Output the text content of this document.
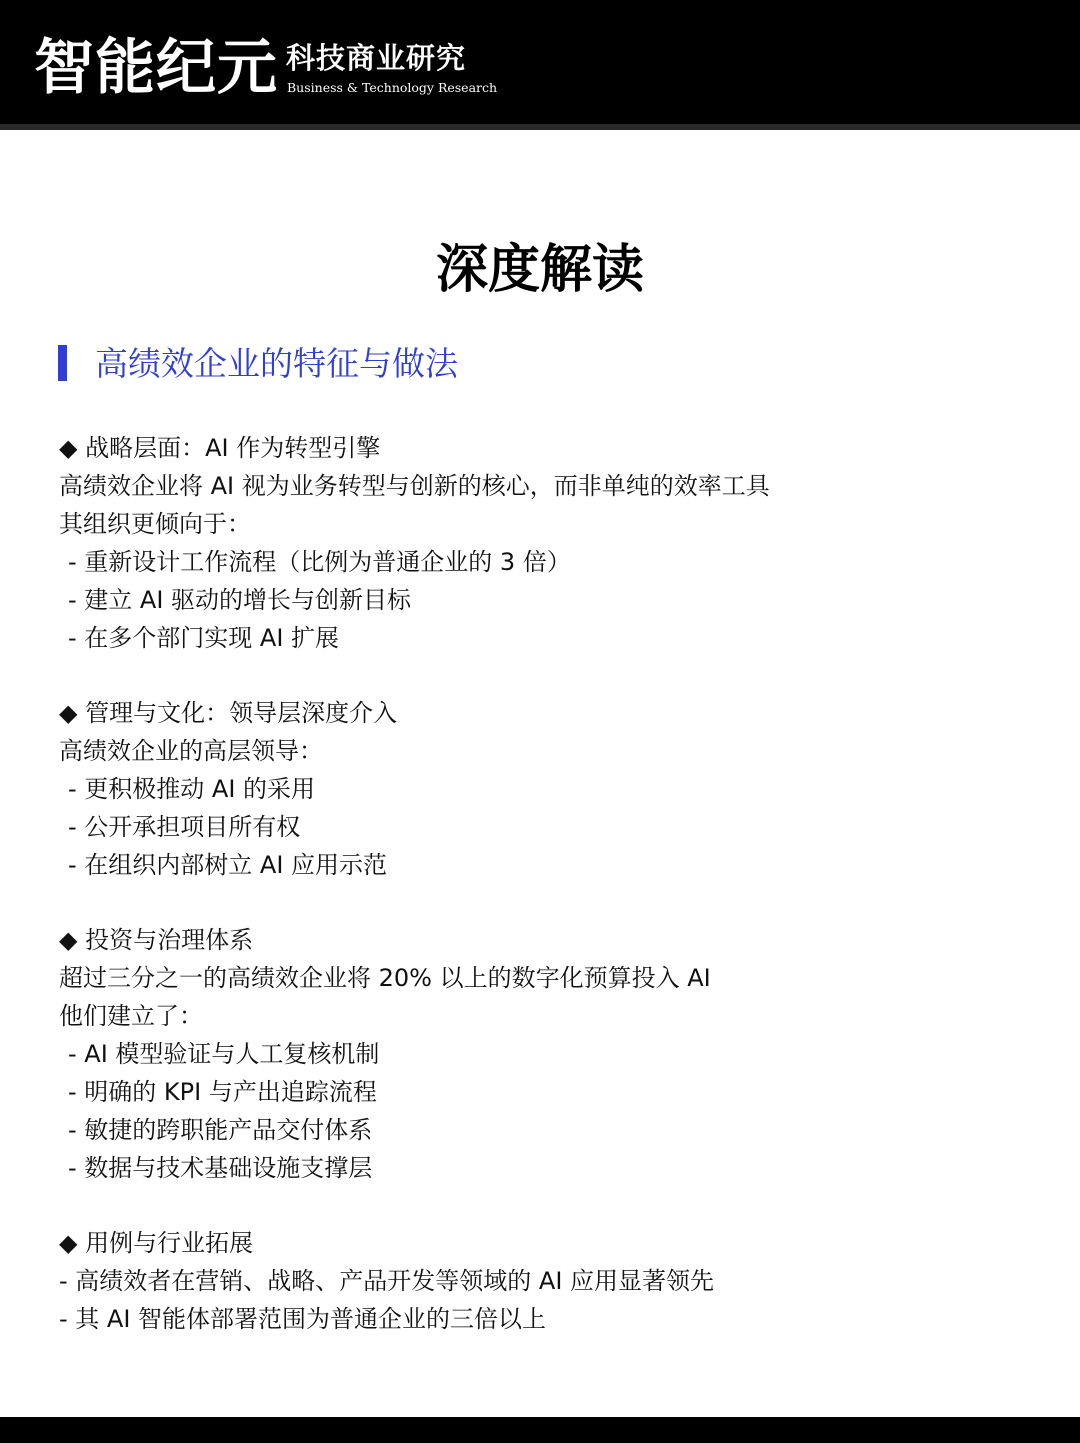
智能纪元 科技商业研究
Business & Technology Research
深度解读
高绩效企业的特征与做法
◆ 战略层面：AI 作为转型引擎
高绩效企业将 AI 视为业务转型与创新的核心，而非单纯的效率工具
其组织更倾向于：
- 重新设计工作流程（比例为普通企业的 3 倍）
- 建立 AI 驱动的增长与创新目标
- 在多个部门实现 AI 扩展
◆ 管理与文化：领导层深度介入
高绩效企业的高层领导：
- 更积极推动 AI 的采用
- 公开承担项目所有权
- 在组织内部树立 AI 应用示范
◆ 投资与治理体系
超过三分之一的高绩效企业将 20% 以上的数字化预算投入 AI
他们建立了：
- AI 模型验证与人工复核机制
- 明确的 KPI 与产出追踪流程
- 敏捷的跨职能产品交付体系
- 数据与技术基础设施支撑层
◆ 用例与行业拓展
- 高绩效者在营销、战略、产品开发等领域的 AI 应用显著领先
- 其 AI 智能体部署范围为普通企业的三倍以上
